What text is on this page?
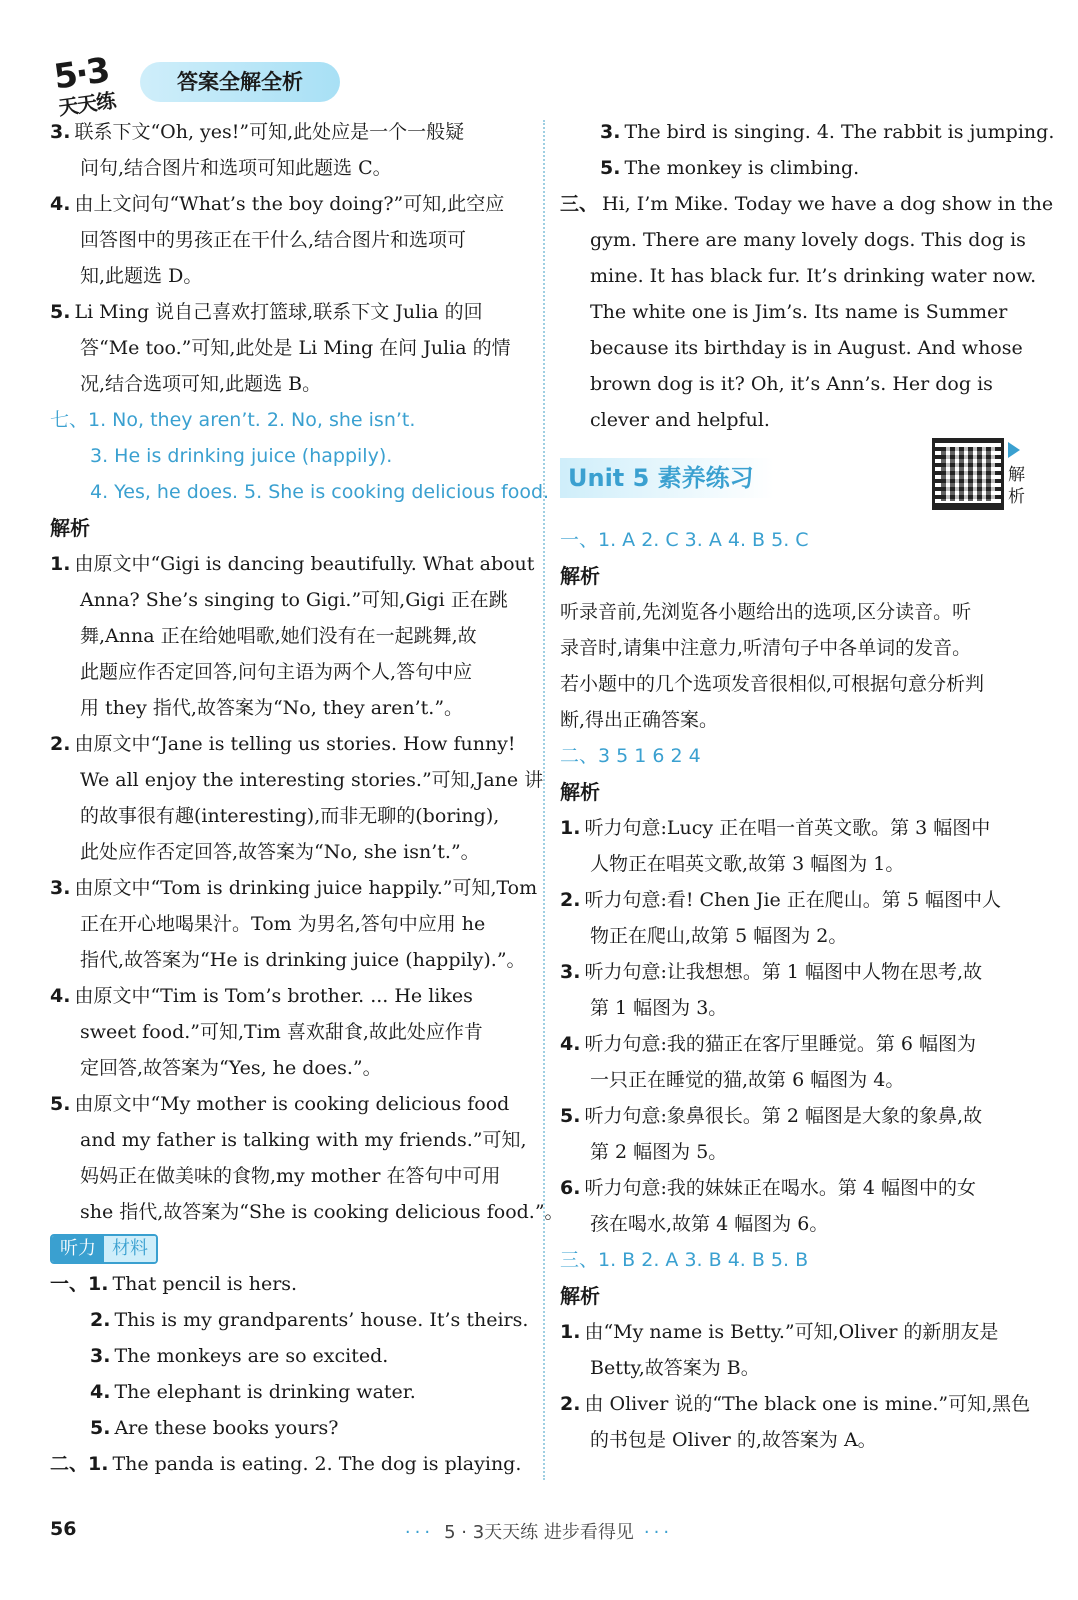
5·3
天天练
答案全解全析
3. 联系下文“Oh, yes!”可知,此处应是一个一般疑
问句,结合图片和选项可知此题选 C。
4. 由上文问句“What’s the boy doing?”可知,此空应
回答图中的男孩正在干什么,结合图片和选项可
知,此题选 D。
5. Li Ming 说自己喜欢打篮球,联系下文 Julia 的回
答“Me too.”可知,此处是 Li Ming 在问 Julia 的情
况,结合选项可知,此题选 B。
七、1. No, they aren’t. 2. No, she isn’t.
3. He is drinking juice (happily).
4. Yes, he does. 5. She is cooking delicious food.
解析
1. 由原文中“Gigi is dancing beautifully. What about
Anna? She’s singing to Gigi.”可知,Gigi 正在跳
舞,Anna 正在给她唱歌,她们没有在一起跳舞,故
此题应作否定回答,问句主语为两个人,答句中应
用 they 指代,故答案为“No, they aren’t.”。
2. 由原文中“Jane is telling us stories. How funny!
We all enjoy the interesting stories.”可知,Jane 讲
的故事很有趣(interesting),而非无聊的(boring),
此处应作否定回答,故答案为“No, she isn’t.”。
3. 由原文中“Tom is drinking juice happily.”可知,Tom
正在开心地喝果汁。Tom 为男名,答句中应用 he
指代,故答案为“He is drinking juice (happily).”。
4. 由原文中“Tim is Tom’s brother. ... He likes
sweet food.”可知,Tim 喜欢甜食,故此处应作肯
定回答,故答案为“Yes, he does.”。
5. 由原文中“My mother is cooking delicious food
and my father is talking with my friends.”可知,
妈妈正在做美味的食物,my mother 在答句中可用
she 指代,故答案为“She is cooking delicious food.”。
听力 材料
一、1. That pencil is hers.
2. This is my grandparents’ house. It’s theirs.
3. The monkeys are so excited.
4. The elephant is drinking water.
5. Are these books yours?
二、1. The panda is eating. 2. The dog is playing.
3. The bird is singing. 4. The rabbit is jumping.
5. The monkey is climbing.
三、 Hi, I’m Mike. Today we have a dog show in the
gym. There are many lovely dogs. This dog is
mine. It has black fur. It’s drinking water now.
The white one is Jim’s. Its name is Summer
because its birthday is in August. And whose
brown dog is it? Oh, it’s Ann’s. Her dog is
clever and helpful.
Unit 5 素养练习	解析
一、1. A 2. C 3. A 4. B 5. C
解析
听录音前,先浏览各小题给出的选项,区分读音。听
录音时,请集中注意力,听清句子中各单词的发音。
若小题中的几个选项发音很相似,可根据句意分析判
断,得出正确答案。
二、3 5 1 6 2 4
解析
1. 听力句意:Lucy 正在唱一首英文歌。第 3 幅图中
人物正在唱英文歌,故第 3 幅图为 1。
2. 听力句意:看! Chen Jie 正在爬山。第 5 幅图中人
物正在爬山,故第 5 幅图为 2。
3. 听力句意:让我想想。第 1 幅图中人物在思考,故
第 1 幅图为 3。
4. 听力句意:我的猫正在客厅里睡觉。第 6 幅图为
一只正在睡觉的猫,故第 6 幅图为 4。
5. 听力句意:象鼻很长。第 2 幅图是大象的象鼻,故
第 2 幅图为 5。
6. 听力句意:我的妹妹正在喝水。第 4 幅图中的女
孩在喝水,故第 4 幅图为 6。
三、1. B 2. A 3. B 4. B 5. B
解析
1. 由“My name is Betty.”可知,Oliver 的新朋友是
Betty,故答案为 B。
2. 由 Oliver 说的“The black one is mine.”可知,黑色
的书包是 Oliver 的,故答案为 A。
56	··· 5 · 3天天练 进步看得见 ···
